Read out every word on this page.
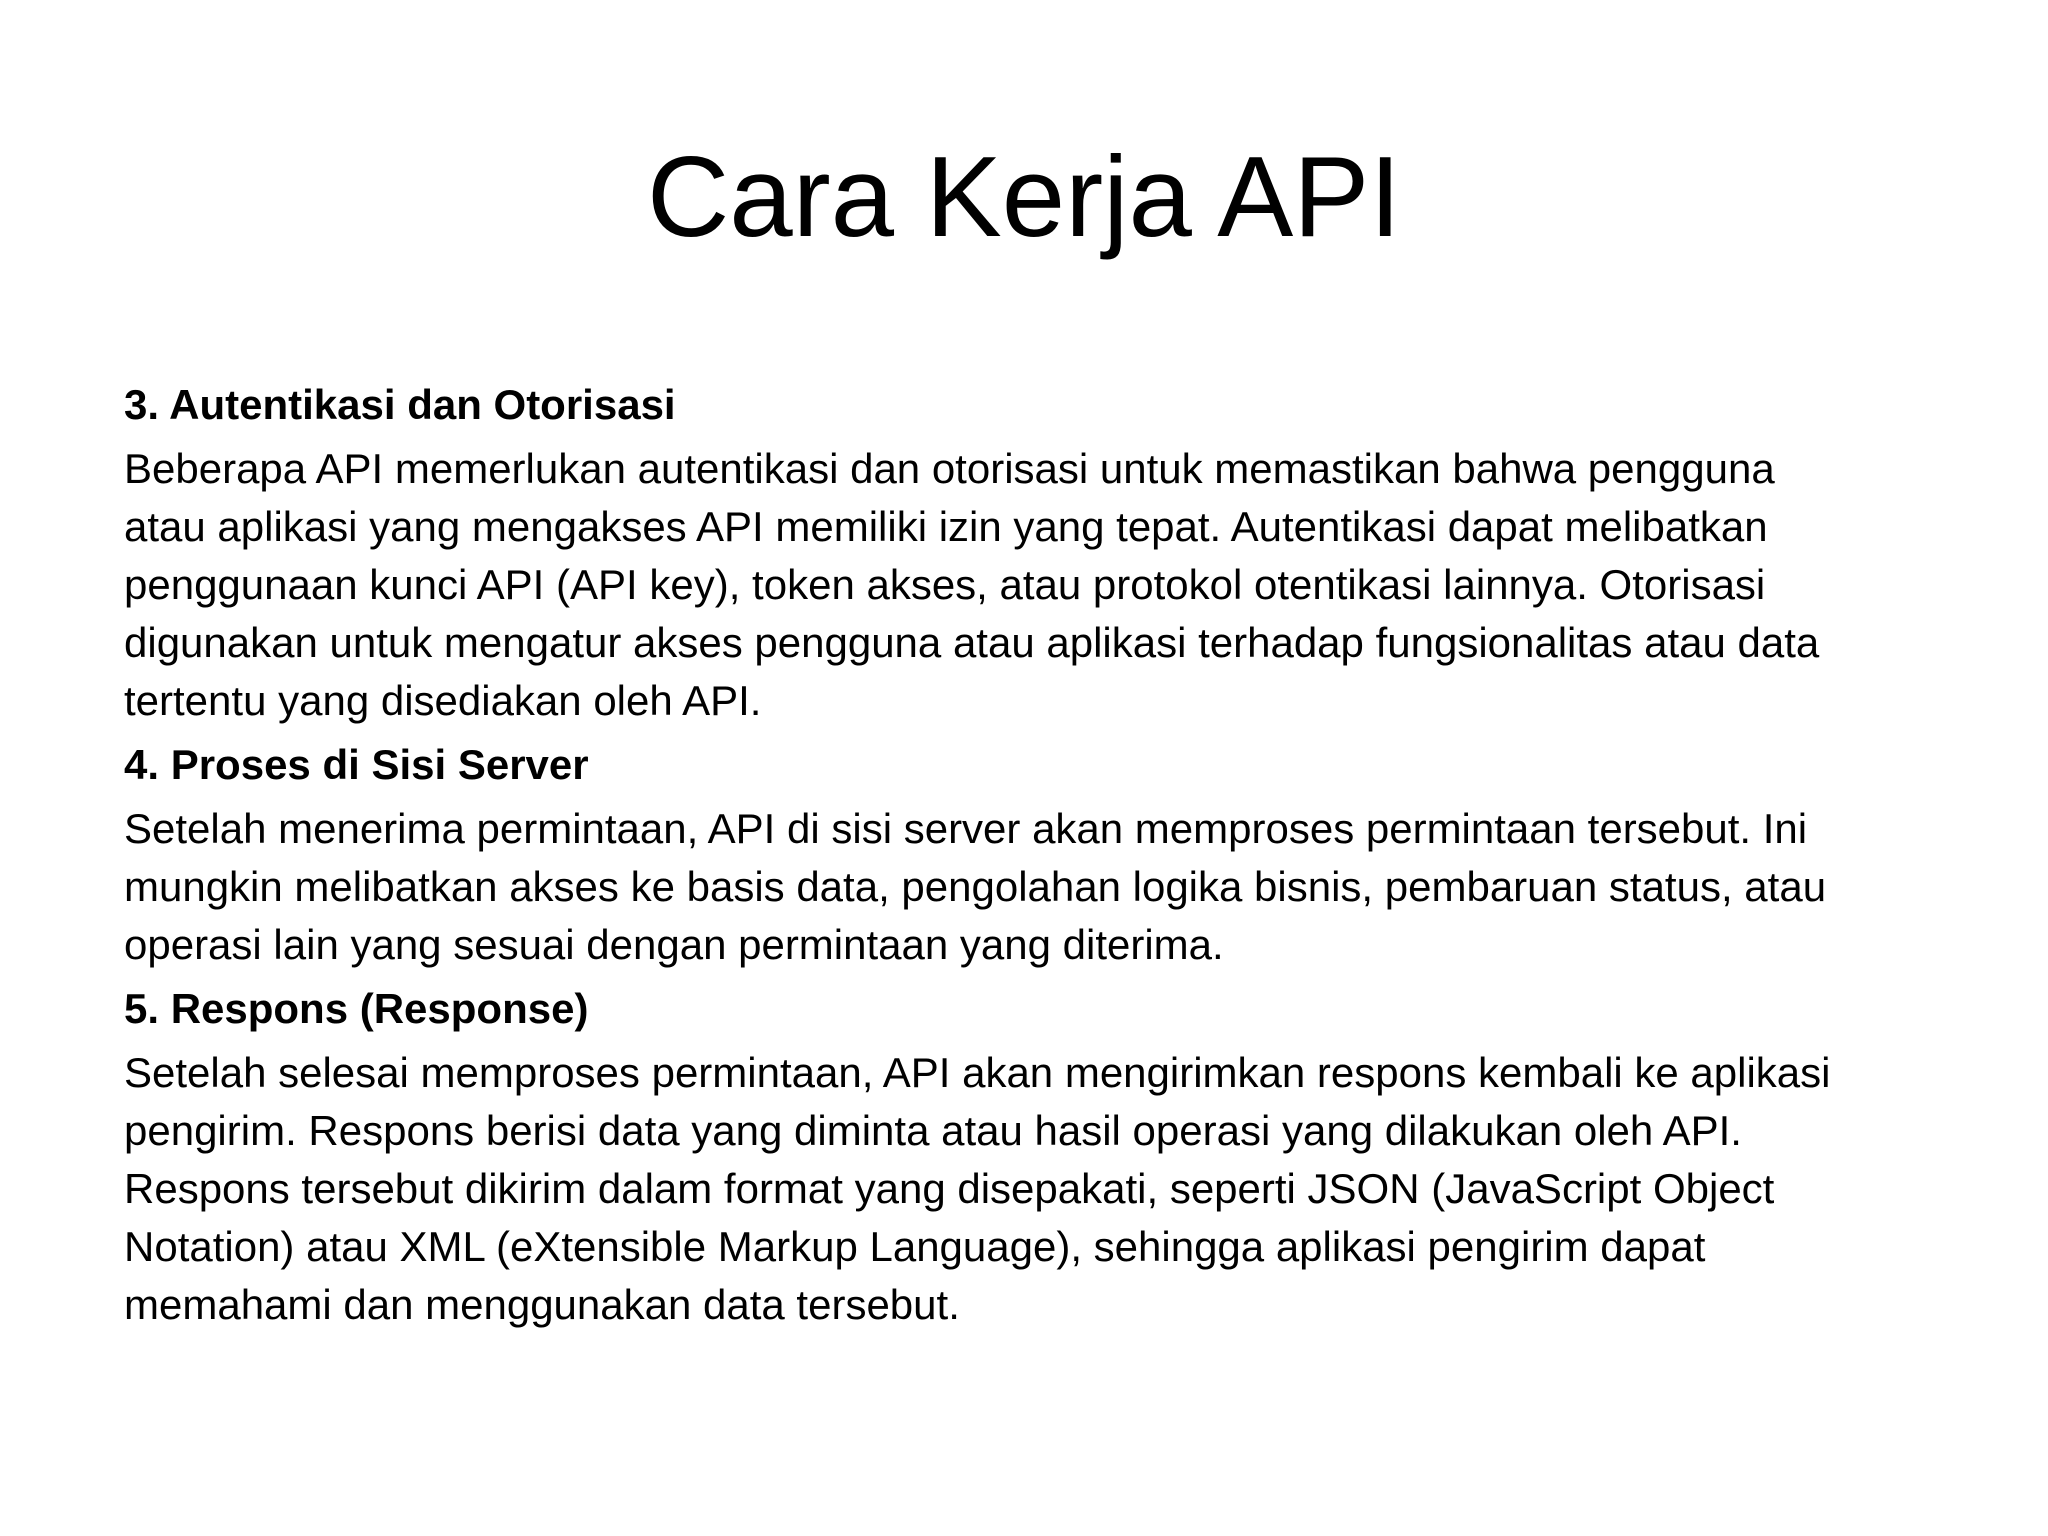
Cara Kerja API

3. Autentikasi dan Otorisasi

Beberapa API memerlukan autentikasi dan otorisasi untuk memastikan bahwa pengguna
atau aplikasi yang mengakses API memiliki izin yang tepat. Autentikasi dapat melibatkan
penggunaan kunci API (API key), token akses, atau protokol otentikasi lainnya. Otorisasi
digunakan untuk mengatur akses pengguna atau aplikasi terhadap fungsionalitas atau data
tertentu yang disediakan oleh API.

4. Proses di Sisi Server

Setelah menerima permintaan, API di sisi server akan memproses permintaan tersebut. Ini
mungkin melibatkan akses ke basis data, pengolahan logika bisnis, pembaruan status, atau
operasi lain yang sesuai dengan permintaan yang diterima.

5. Respons (Response)

Setelah selesai memproses permintaan, API akan mengirimkan respons kembali ke aplikasi
pengirim. Respons berisi data yang diminta atau hasil operasi yang dilakukan oleh API.
Respons tersebut dikirim dalam format yang disepakati, seperti JSON (JavaScript Object
Notation) atau XML (eXtensible Markup Language), sehingga aplikasi pengirim dapat
memahami dan menggunakan data tersebut.
